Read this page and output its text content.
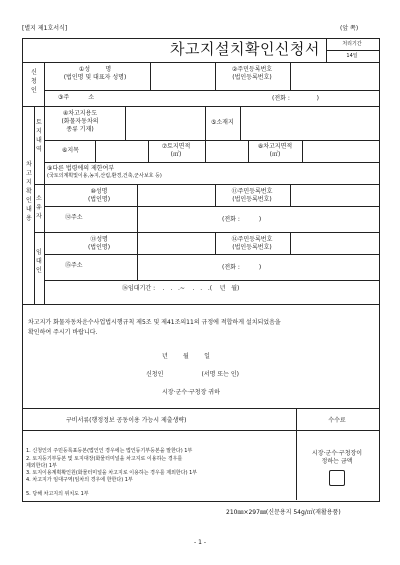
[별지 제1호서식]	(앞 쪽)
차고지설치확인신청서	처리기간
14일
신청인
①성        명
(법인명 및 대표자 성명)
②주민등록번호
(법인등록번호)
③주          소	(전화 :              )
차고지확인내용
토지내역
④차고지용도
(화물자동차의
종류 기재)
⑤소재지
⑥지목
⑦토지면적
(㎡)
⑧차고지면적
(㎡)
⑨다른 법령에의 제한여부
(국토의계획및이용,농지,산림,환경,건축,군사보호 등)
소유자
⑩성명
(법인명)
⑪주민등록번호
(법인등록번호)
⑫주소	(전화 :          )
임대인
⑬성명
(법인명)
⑭주민등록번호
(법인등록번호)
⑮주소	(전화 :          )
⑯임대기간 :    .   .   .~    .   .   .(    년   월)
차고지가 화물자동차운수사업법시행규칙 제5조 및 제41조의11의 규정에 적합하게 설치되었음을
확인하여 주시기 바랍니다.
년        월        일
신청인                    (서명 또는 인)
시장·군수·구청장 귀하
구비서류(행정정보 공동이용 가능시 제출생략)	수수료
1. 신청인의 주민등록표등본(법인인 경우에는 법인등기부등본을 말한다) 1부
2. 토지등기부등본 및 토지대장(화물터미널을 차고지로 이용하는 경우를
제외한다) 1부
3. 토지이용계획확인원(화물터미널을 차고지로 이용하는 경우를 제외한다) 1부
4. 차고지가 임대구역(임차의 경우에 한한다) 1부
5. 당해 차고지의 위치도 1부
시장·군수·구청장이
정하는 금액
210㎜×297㎜(신문용지 54g/㎡(재활용품)
- 1 -
